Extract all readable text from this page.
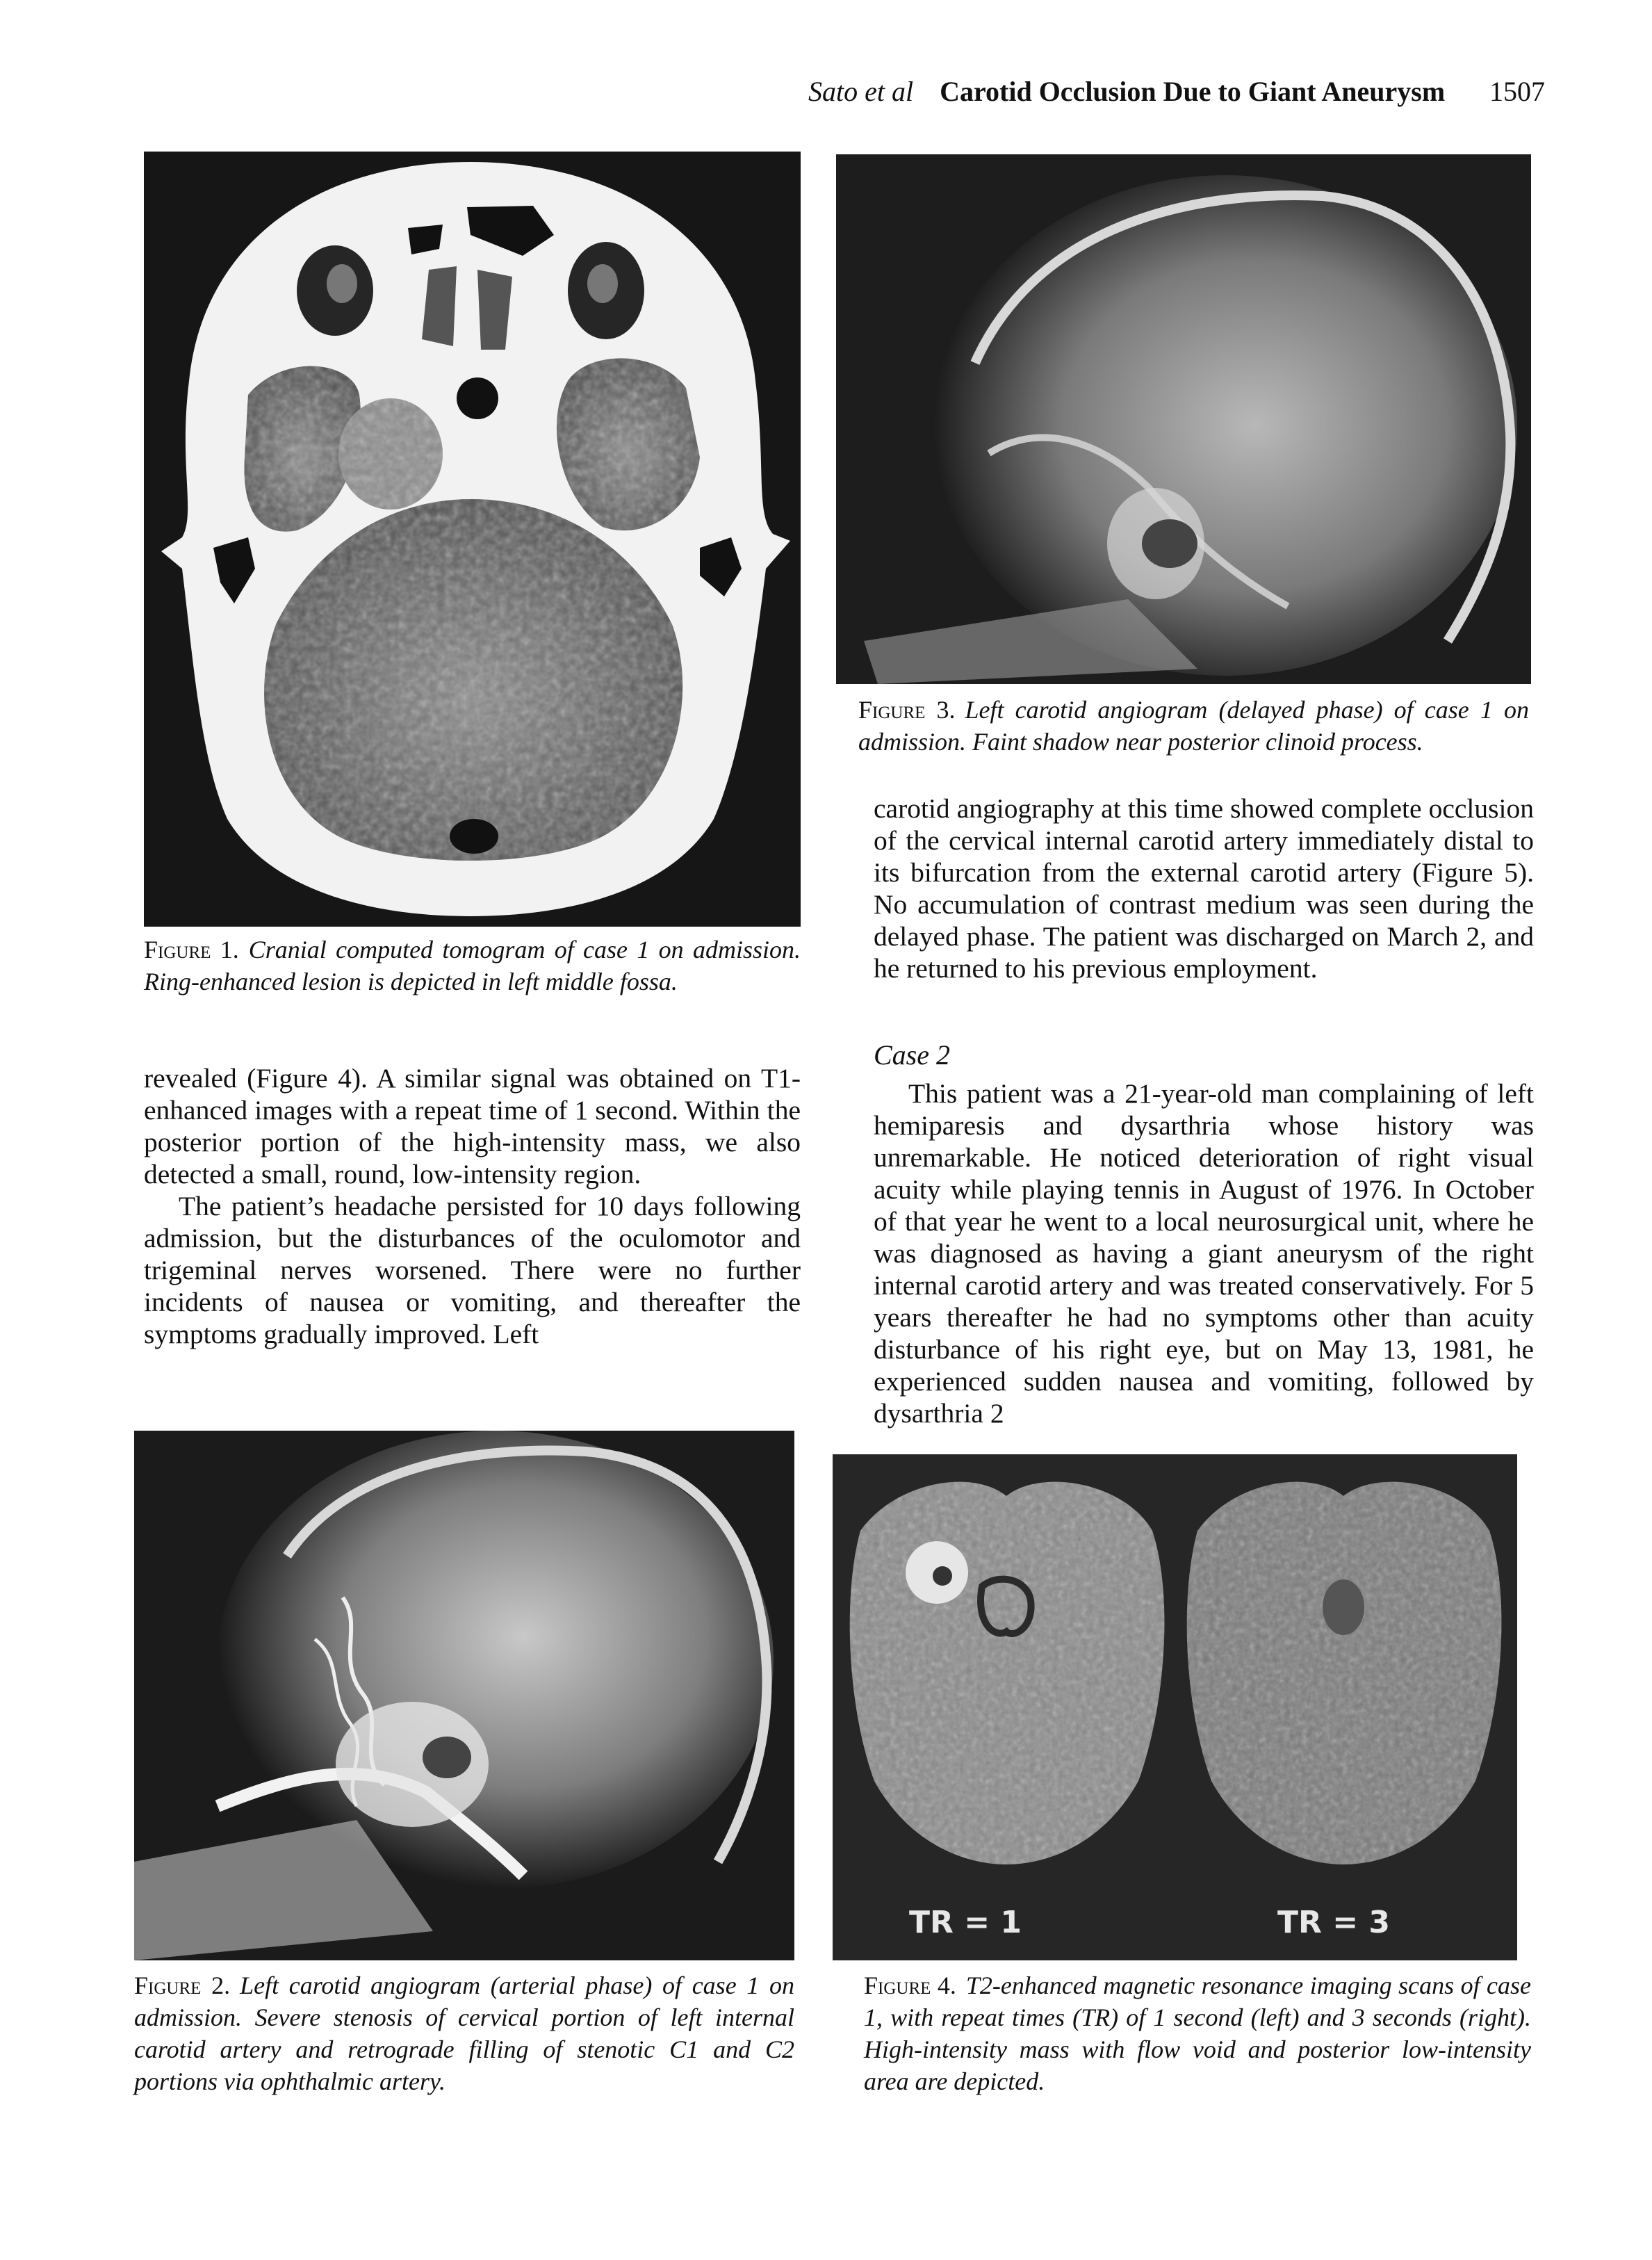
Sato et al Carotid Occlusion Due to Giant Aneurysm 1507
Figure 1. Cranial computed tomogram of case 1 on admission. Ring-enhanced lesion is depicted in left middle fossa.
Figure 3. Left carotid angiogram (delayed phase) of case 1 on admission. Faint shadow near posterior clinoid process.

carotid angiography at this time showed complete occlusion of the cervical internal carotid artery immediately distal to its bifurcation from the external carotid artery (Figure 5). No accumulation of contrast medium was seen during the delayed phase. The patient was discharged on March 2, and he returned to his previous employment.

Case 2

This patient was a 21-year-old man complaining of left hemiparesis and dysarthria whose history was unremarkable. He noticed deterioration of right visual acuity while playing tennis in August of 1976. In October of that year he went to a local neurosurgical unit, where he was diagnosed as having a giant aneurysm of the right internal carotid artery and was treated conservatively. For 5 years thereafter he had no symptoms other than acuity disturbance of his right eye, but on May 13, 1981, he experienced sudden nausea and vomiting, followed by dysarthria 2

revealed (Figure 4). A similar signal was obtained on T1-enhanced images with a repeat time of 1 second. Within the posterior portion of the high-intensity mass, we also detected a small, round, low-intensity region.

The patient’s headache persisted for 10 days following admission, but the disturbances of the oculomotor and trigeminal nerves worsened. There were no further incidents of nausea or vomiting, and thereafter the symptoms gradually improved. Left

Figure 2. Left carotid angiogram (arterial phase) of case 1 on admission. Severe stenosis of cervical portion of left internal carotid artery and retrograde filling of stenotic C1 and C2 portions via ophthalmic artery.
TR = 1	TR = 3
Figure 4. T2-enhanced magnetic resonance imaging scans of case 1, with repeat times (TR) of 1 second (left) and 3 seconds (right). High-intensity mass with flow void and posterior low-intensity area are depicted.
